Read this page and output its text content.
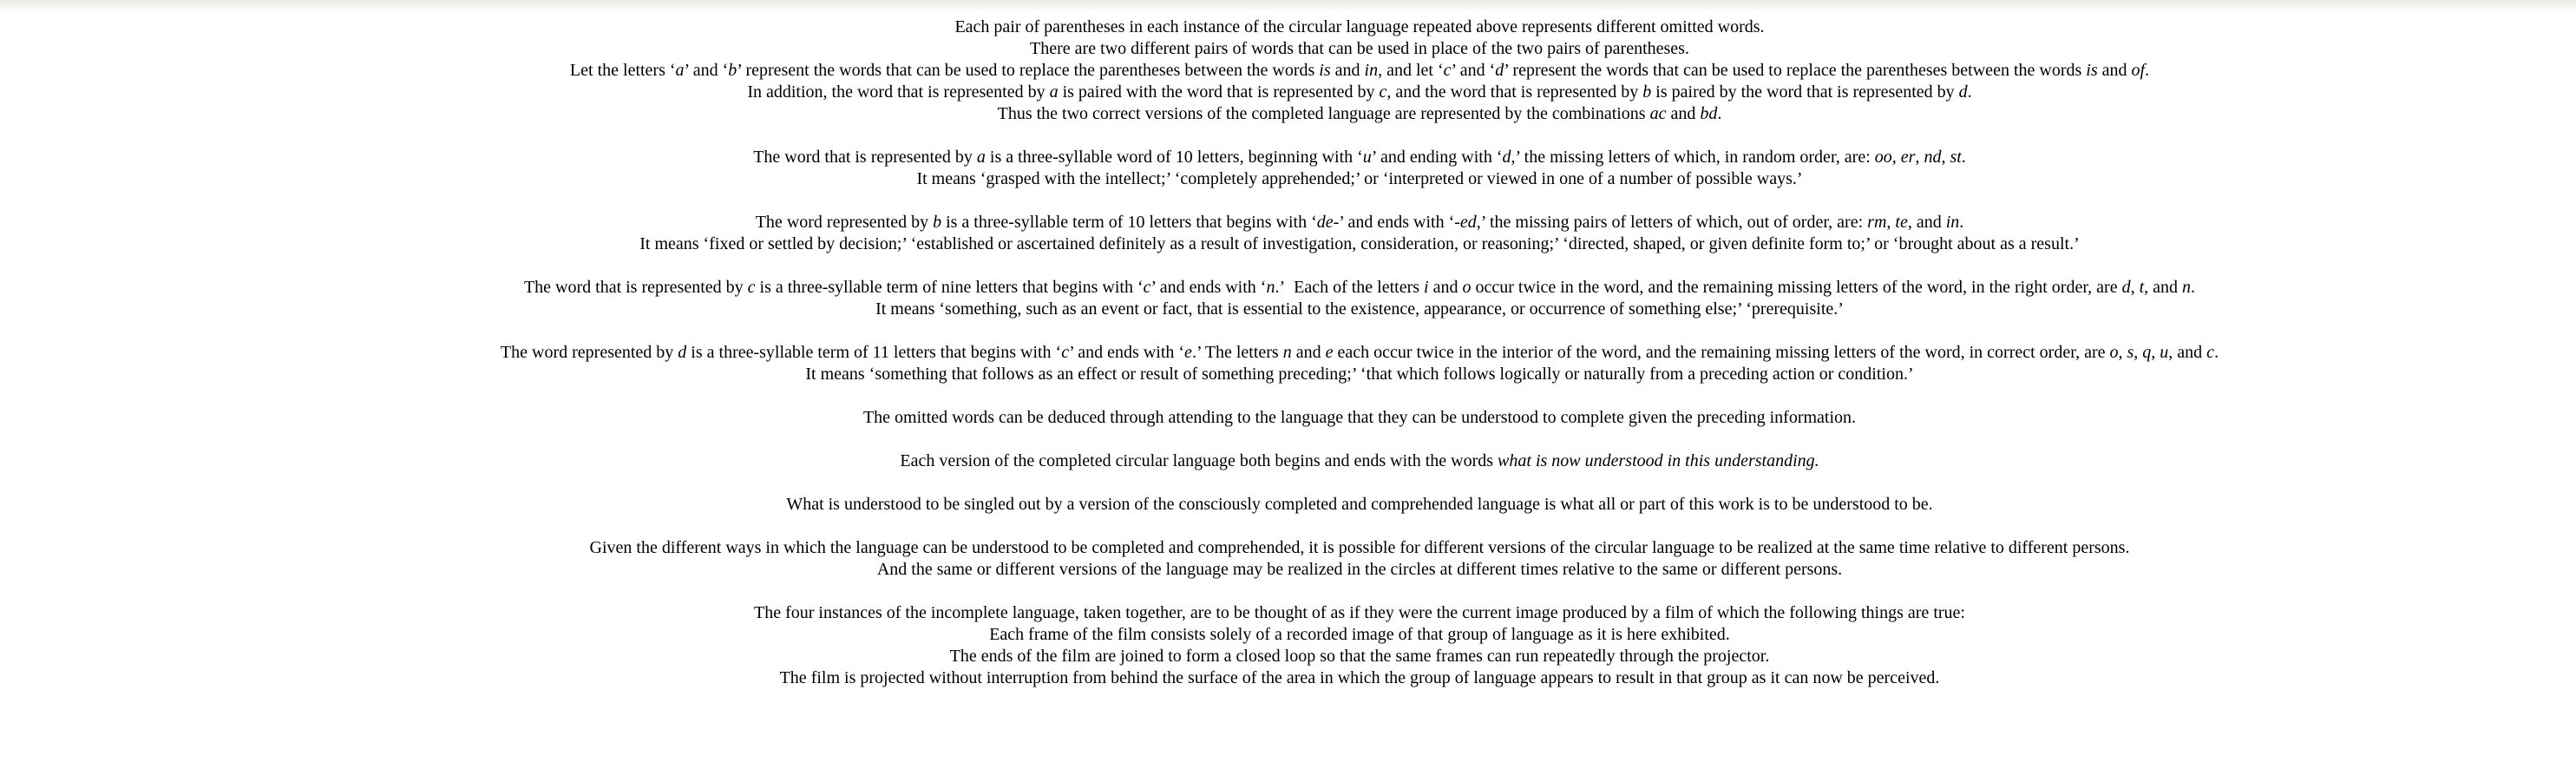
Each pair of parentheses in each instance of the circular language repeated above represents different omitted words.
There are two different pairs of words that can be used in place of the two pairs of parentheses.
Let the letters ‘a’ and ‘b’ represent the words that can be used to replace the parentheses between the words is and in, and let ‘c’ and ‘d’ represent the words that can be used to replace the parentheses between the words is and of.
In addition, the word that is represented by a is paired with the word that is represented by c, and the word that is represented by b is paired by the word that is represented by d.
Thus the two correct versions of the completed language are represented by the combinations ac and bd.
The word that is represented by a is a three-syllable word of 10 letters, beginning with ‘u’ and ending with ‘d,’ the missing letters of which, in random order, are: oo, er, nd, st.
It means ‘grasped with the intellect;’ ‘completely apprehended;’ or ‘interpreted or viewed in one of a number of possible ways.’
The word represented by b is a three-syllable term of 10 letters that begins with ‘de-’ and ends with ‘-ed,’ the missing pairs of letters of which, out of order, are: rm, te, and in.
It means ‘fixed or settled by decision;’ ‘established or ascertained definitely as a result of investigation, consideration, or reasoning;’ ‘directed, shaped, or given definite form to;’ or ‘brought about as a result.’
The word that is represented by c is a three-syllable term of nine letters that begins with ‘c’ and ends with ‘n.’  Each of the letters i and o occur twice in the word, and the remaining missing letters of the word, in the right order, are d, t, and n.
It means ‘something, such as an event or fact, that is essential to the existence, appearance, or occurrence of something else;’ ‘prerequisite.’
The word represented by d is a three-syllable term of 11 letters that begins with ‘c’ and ends with ‘e.’ The letters n and e each occur twice in the interior of the word, and the remaining missing letters of the word, in correct order, are o, s, q, u, and c.
It means ‘something that follows as an effect or result of something preceding;’ ‘that which follows logically or naturally from a preceding action or condition.’
The omitted words can be deduced through attending to the language that they can be understood to complete given the preceding information.
Each version of the completed circular language both begins and ends with the words what is now understood in this understanding.
What is understood to be singled out by a version of the consciously completed and comprehended language is what all or part of this work is to be understood to be.
Given the different ways in which the language can be understood to be completed and comprehended, it is possible for different versions of the circular language to be realized at the same time relative to different persons.
And the same or different versions of the language may be realized in the circles at different times relative to the same or different persons.
The four instances of the incomplete language, taken together, are to be thought of as if they were the current image produced by a film of which the following things are true:
Each frame of the film consists solely of a recorded image of that group of language as it is here exhibited.
The ends of the film are joined to form a closed loop so that the same frames can run repeatedly through the projector.
The film is projected without interruption from behind the surface of the area in which the group of language appears to result in that group as it can now be perceived.
